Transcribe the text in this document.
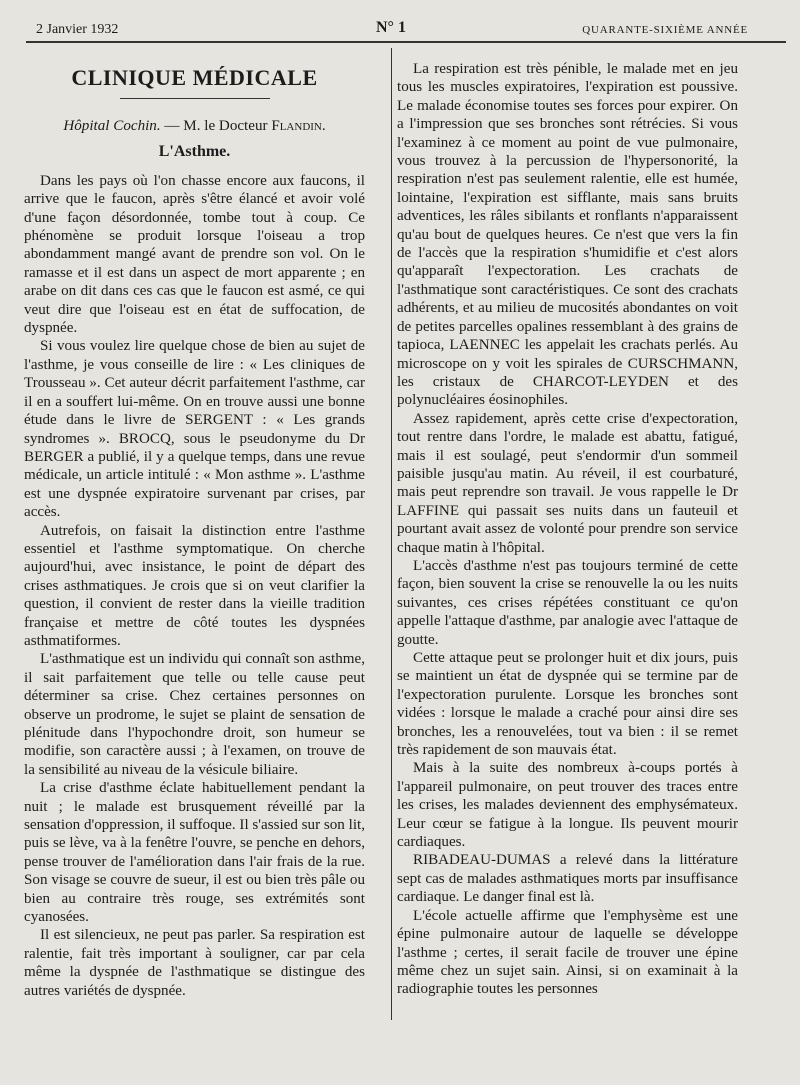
2 Janvier 1932	N° 1	QUARANTE-SIXIÈME ANNÉE
CLINIQUE MÉDICALE

Hôpital Cochin. — M. le Docteur Flandin.

L'Asthme.

Dans les pays où l'on chasse encore aux faucons, il arrive que le faucon, après s'être élancé et avoir volé d'une façon désordonnée, tombe tout à coup. Ce phénomène se produit lorsque l'oiseau a trop abondamment mangé avant de prendre son vol. On le ramasse et il est dans un aspect de mort apparente ; en arabe on dit dans ces cas que le faucon est asmé, ce qui veut dire que l'oiseau est en état de suffocation, de dyspnée.

Si vous voulez lire quelque chose de bien au sujet de l'asthme, je vous conseille de lire : « Les cliniques de Trousseau ». Cet auteur décrit parfaitement l'asthme, car il en a souffert lui-même. On en trouve aussi une bonne étude dans le livre de SERGENT : « Les grands syndromes ». BROCQ, sous le pseudonyme du Dr BERGER a publié, il y a quelque temps, dans une revue médicale, un article intitulé : « Mon asthme ». L'asthme est une dyspnée expiratoire survenant par crises, par accès.

Autrefois, on faisait la distinction entre l'asthme essentiel et l'asthme symptomatique. On cherche aujourd'hui, avec insistance, le point de départ des crises asthmatiques. Je crois que si on veut clarifier la question, il convient de rester dans la vieille tradition française et mettre de côté toutes les dyspnées asthmatiformes.

L'asthmatique est un individu qui connaît son asthme, il sait parfaitement que telle ou telle cause peut déterminer sa crise. Chez certaines personnes on observe un prodrome, le sujet se plaint de sensation de plénitude dans l'hypochondre droit, son humeur se modifie, son caractère aussi ; à l'examen, on trouve de la sensibilité au niveau de la vésicule biliaire.

La crise d'asthme éclate habituellement pendant la nuit ; le malade est brusquement réveillé par la sensation d'oppression, il suffoque. Il s'assied sur son lit, puis se lève, va à la fenêtre l'ouvre, se penche en dehors, pense trouver de l'amélioration dans l'air frais de la rue. Son visage se couvre de sueur, il est ou bien très pâle ou bien au contraire très rouge, ses extrémités sont cyanosées.

Il est silencieux, ne peut pas parler. Sa respiration est ralentie, fait très important à souligner, car par cela même la dyspnée de l'asthmatique se distingue des autres variétés de dyspnée.

La respiration est très pénible, le malade met en jeu tous les muscles expiratoires, l'expiration est poussive. Le malade économise toutes ses forces pour expirer. On a l'impression que ses bronches sont rétrécies. Si vous l'examinez à ce moment au point de vue pulmonaire, vous trouvez à la percussion de l'hypersonorité, la respiration n'est pas seulement ralentie, elle est humée, lointaine, l'expiration est sifflante, mais sans bruits adventices, les râles sibilants et ronflants n'apparaissent qu'au bout de quelques heures. Ce n'est que vers la fin de l'accès que la respiration s'humidifie et c'est alors qu'apparaît l'expectoration. Les crachats de l'asthmatique sont caractéristiques. Ce sont des crachats adhérents, et au milieu de mucosités abondantes on voit de petites parcelles opalines ressemblant à des grains de tapioca, LAENNEC les appelait les crachats perlés. Au microscope on y voit les spirales de CURSCHMANN, les cristaux de CHARCOT-LEYDEN et des polynucléaires éosinophiles.

Assez rapidement, après cette crise d'expectoration, tout rentre dans l'ordre, le malade est abattu, fatigué, mais il est soulagé, peut s'endormir d'un sommeil paisible jusqu'au matin. Au réveil, il est courbaturé, mais peut reprendre son travail. Je vous rappelle le Dr LAFFINE qui passait ses nuits dans un fauteuil et pourtant avait assez de volonté pour prendre son service chaque matin à l'hôpital.

L'accès d'asthme n'est pas toujours terminé de cette façon, bien souvent la crise se renouvelle la ou les nuits suivantes, ces crises répétées constituant ce qu'on appelle l'attaque d'asthme, par analogie avec l'attaque de goutte.

Cette attaque peut se prolonger huit et dix jours, puis se maintient un état de dyspnée qui se termine par de l'expectoration purulente. Lorsque les bronches sont vidées : lorsque le malade a craché pour ainsi dire ses bronches, les a renouvelées, tout va bien : il se remet très rapidement de son mauvais état.

Mais à la suite des nombreux à-coups portés à l'appareil pulmonaire, on peut trouver des traces entre les crises, les malades deviennent des emphysémateux. Leur cœur se fatigue à la longue. Ils peuvent mourir cardiaques.

RIBADEAU-DUMAS a relevé dans la littérature sept cas de malades asthmatiques morts par insuffisance cardiaque. Le danger final est là.

L'école actuelle affirme que l'emphysème est une épine pulmonaire autour de laquelle se développe l'asthme ; certes, il serait facile de trouver une épine même chez un sujet sain. Ainsi, si on examinait à la radiographie toutes les personnes
